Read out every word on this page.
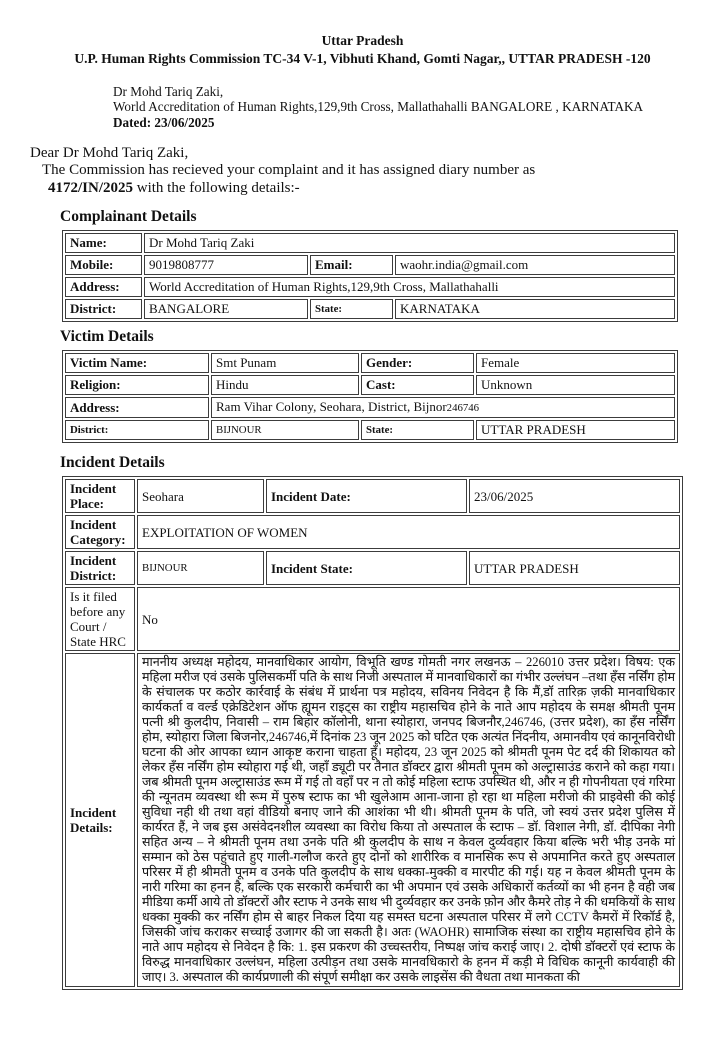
Uttar Pradesh
U.P. Human Rights Commission TC-34 V-1, Vibhuti Khand, Gomti Nagar,, UTTAR PRADESH -120
Dr Mohd Tariq Zaki,
World Accreditation of Human Rights,129,9th Cross, Mallathahalli BANGALORE , KARNATAKA
Dated: 23/06/2025
Dear Dr Mohd Tariq Zaki,
The Commission has recieved your complaint and it has assigned diary number as
4172/IN/2025 with the following details:-
Complainant Details
Name:	Dr Mohd Tariq Zaki		
Mobile:	9019808777	Email:	waohr.india@gmail.com
Address:	World Accreditation of Human Rights,129,9th Cross, Mallathahalli		
District:	BANGALORE	State:	KARNATAKA
Victim Details
Victim Name:	Smt Punam	Gender:	Female
Religion:	Hindu	Cast:	Unknown
Address:	Ram Vihar Colony, Seohara, District, Bijnor246746		
District:	BIJNOUR	State:	UTTAR PRADESH
Incident Details
Incident Place:	Seohara	Incident Date:	23/06/2025
Incident Category:	EXPLOITATION OF WOMEN		
Incident District:	BIJNOUR	Incident State:	UTTAR PRADESH
Is it filed before any Court / State HRC	No		
Incident Details:	माननीय अध्यक्ष महोदय, मानवाधिकार आयोग, विभूति खण्ड गोमती नगर लखनऊ – 226010 उत्तर प्रदेश। विषय: एक महिला मरीज एवं उसके पुलिसकर्मी पति के साथ निजी अस्पताल में मानवाधिकारों का गंभीर उल्लंघन –तथा हँस नर्सिंग होम के संचालक पर कठोर कार्रवाई के संबंध में प्रार्थना पत्र महोदय, सविनय निवेदन है कि मैं,डॉ तारिक़ ज़की मानवाधिकार कार्यकर्ता व वर्ल्ड एक्रेडिटेशन ऑफ ह्यूमन राइट्स का राष्ट्रीय महासचिव होने के नाते आप महोदय के समक्ष श्रीमती पूनम पत्नी श्री कुलदीप, निवासी – राम बिहार कॉलोनी, थाना स्योहारा, जनपद बिजनौर,246746, (उत्तर प्रदेश), का हँस नर्सिंग होम, स्योहारा जिला बिजनोर,246746,में दिनांक 23 जून 2025 को घटित एक अत्यंत निंदनीय, अमानवीय एवं कानूनविरोधी घटना की ओर आपका ध्यान आकृष्ट कराना चाहता हूँ। महोदय, 23 जून 2025 को श्रीमती पूनम पेट दर्द की शिकायत को लेकर हँस नर्सिंग होम स्योहारा गई थी, जहाँ ड्यूटी पर तैनात डॉक्टर द्वारा श्रीमती पूनम को अल्ट्रासाउंड कराने को कहा गया। जब श्रीमती पूनम अल्ट्रासाउंड रूम में गई तो वहाँ पर न तो कोई महिला स्टाफ उपस्थित थी, और न ही गोपनीयता एवं गरिमा की न्यूनतम व्यवस्था थी रूम में पुरुष स्टाफ का भी खुलेआम आना-जाना हो रहा था महिला मरीजो की प्राइवेसी की कोई सुविधा नही थी तथा वहां वीडियो बनाए जाने की आशंका भी थी। श्रीमती पूनम के पति, जो स्वयं उत्तर प्रदेश पुलिस में कार्यरत हैं, ने जब इस असंवेदनशील व्यवस्था का विरोध किया तो अस्पताल के स्टाफ – डॉ. विशाल नेगी, डॉ. दीपिका नेगी सहित अन्य – ने श्रीमती पूनम तथा उनके पति श्री कुलदीप के साथ न केवल दुर्व्यवहार किया बल्कि भरी भीड़ उनके मां सम्मान को ठेस पहुंचाते हुए गाली-गलौज करते हुए दोनों को शारीरिक व मानसिक रूप से अपमानित करते हुए अस्पताल परिसर में ही श्रीमती पूनम व उनके पति कुलदीप के साथ धक्का-मुक्की व मारपीट की गई। यह न केवल श्रीमती पूनम के नारी गरिमा का हनन है, बल्कि एक सरकारी कर्मचारी का भी अपमान एवं उसके अधिकारों कर्तव्यों का भी हनन है वही जब मीडिया कर्मी आये तो डॉक्टरों और स्टाफ ने उनके साथ भी दुर्व्यवहार कर उनके फ़ोन और कैमरे तोड़ ने की धमकियों के साथ धक्का मुक्की कर नर्सिंग होम से बाहर निकल दिया यह समस्त घटना अस्पताल परिसर में लगे CCTV कैमरों में रिकॉर्ड है, जिसकी जांच कराकर सच्चाई उजागर की जा सकती है। अतः (WAOHR) सामाजिक संस्था का राष्ट्रीय महासचिव होने के नाते आप महोदय से निवेदन है कि: 1. इस प्रकरण की उच्चस्तरीय, निष्पक्ष जांच कराई जाए। 2. दोषी डॉक्टरों एवं स्टाफ के विरुद्ध मानवाधिकार उल्लंघन, महिला उत्पीड़न तथा उसके मानवधिकारो के हनन में कड़ी मे विधिक कानूनी कार्यवाही की जाए। 3. अस्पताल की कार्यप्रणाली की संपूर्ण समीक्षा कर उसके लाइसेंस की वैधता तथा मानकता की		
